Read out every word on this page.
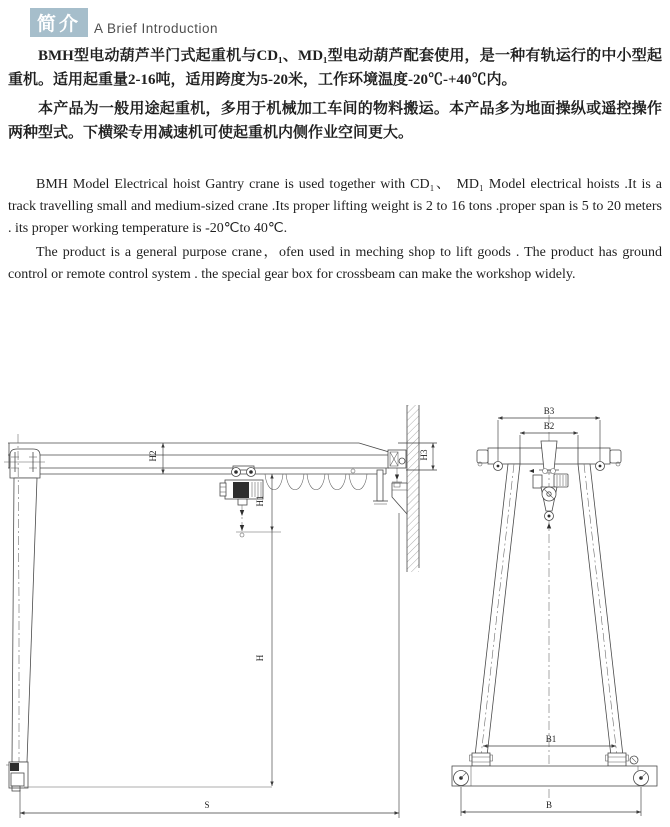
简介 A Brief Introduction

BMH型电动葫芦半门式起重机与CD₁、MD₁型电动葫芦配套使用，是一种有轨运行的中小型起重机。适用起重量2-16吨，适用跨度为5-20米，工作环境温度-20℃-+40℃内。

本产品为一般用途起重机，多用于机械加工车间的物料搬运。本产品多为地面操纵或遥控操作两种型式。下横梁专用减速机可使起重机内侧作业空间更大。

BMH Model Electrical hoist Gantry crane is used together with CD₁、 MD₁ Model electrical hoists .It is a track travelling small and medium-sized crane .Its proper lifting weight is 2 to 16 tons .proper span is 5 to 20 meters . its proper working temperature is -20℃to 40℃.

The product is a general purpose crane，ofen used in meching shop to lift goods . The product has ground control or remote control system . the special gear box for crossbeam can make the workshop widely.

H2
H1
H
H3
S
B3
B2
B1
B
